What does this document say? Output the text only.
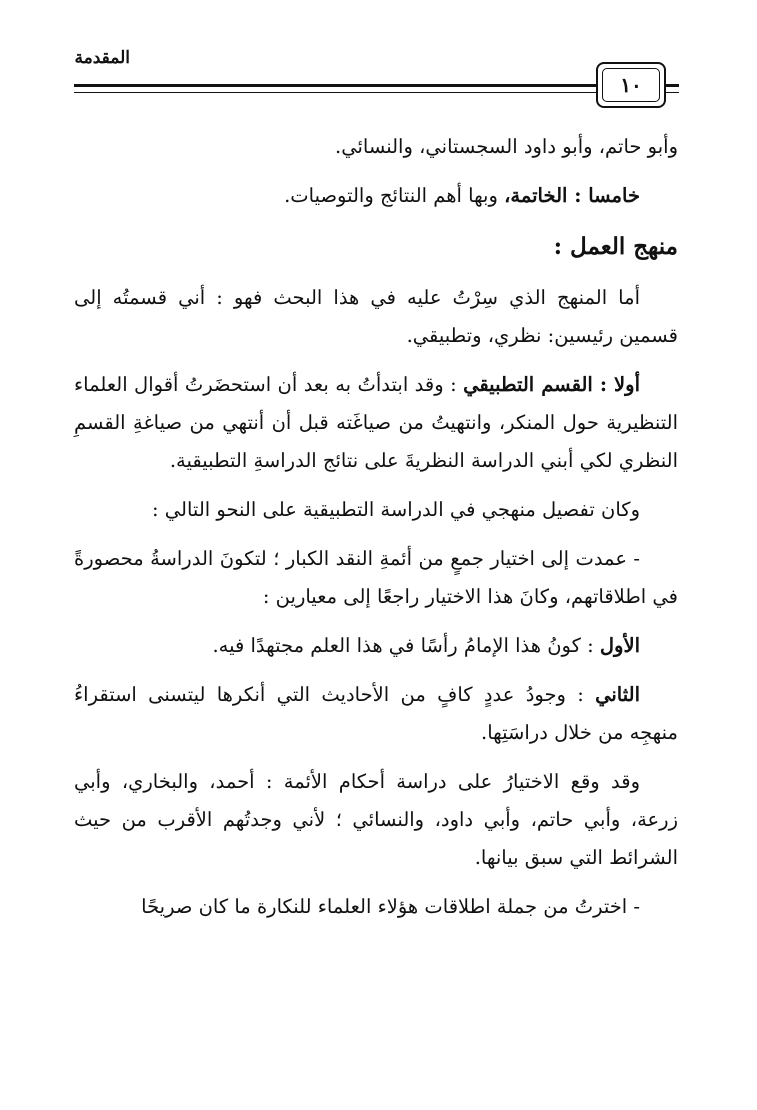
المقدمة
١٠

وأبو حاتم، وأبو داود السجستاني، والنسائي.

خامسا : الخاتمة، وبها أهم النتائج والتوصيات.

منهج العمل :

أما المنهج الذي سِرْتُ عليه في هذا البحث فهو : أني قسمتُه إلى قسمين رئيسين: نظري، وتطبيقي.

أولا : القسم التطبيقي : وقد ابتدأتُ به بعد أن استحضَرتُ أقوال العلماء التنظيرية حول المنكر، وانتهيتُ من صياغَته قبل أن أنتهي من صياغةِ القسمِ النظري لكي أبني الدراسة النظريةَ على نتائج الدراسةِ التطبيقية.

وكان تفصيل منهجي في الدراسة التطبيقية على النحو التالي :

- عمدت إلى اختيار جمعٍ من أئمةِ النقد الكبار ؛ لتكونَ الدراسةُ محصورةً في اطلاقاتهم، وكانَ هذا الاختيار راجعًا إلى معيارين :

الأول : كونُ هذا الإمامُ رأسًا في هذا العلم مجتهدًا فيه.

الثاني : وجودُ عددٍ كافٍ من الأحاديث التي أنكرها ليتسنى استقراءُ منهجِه من خلال دراسَتِها.

وقد وقع الاختيارُ على دراسة أحكام الأئمة : أحمد، والبخاري، وأبي زرعة، وأبي حاتم، وأبي داود، والنسائي ؛ لأني وجدتُهم الأقرب من حيث الشرائط التي سبق بيانها.

- اخترتُ من جملة اطلاقات هؤلاء العلماء للنكارة ما كان صريحًا
